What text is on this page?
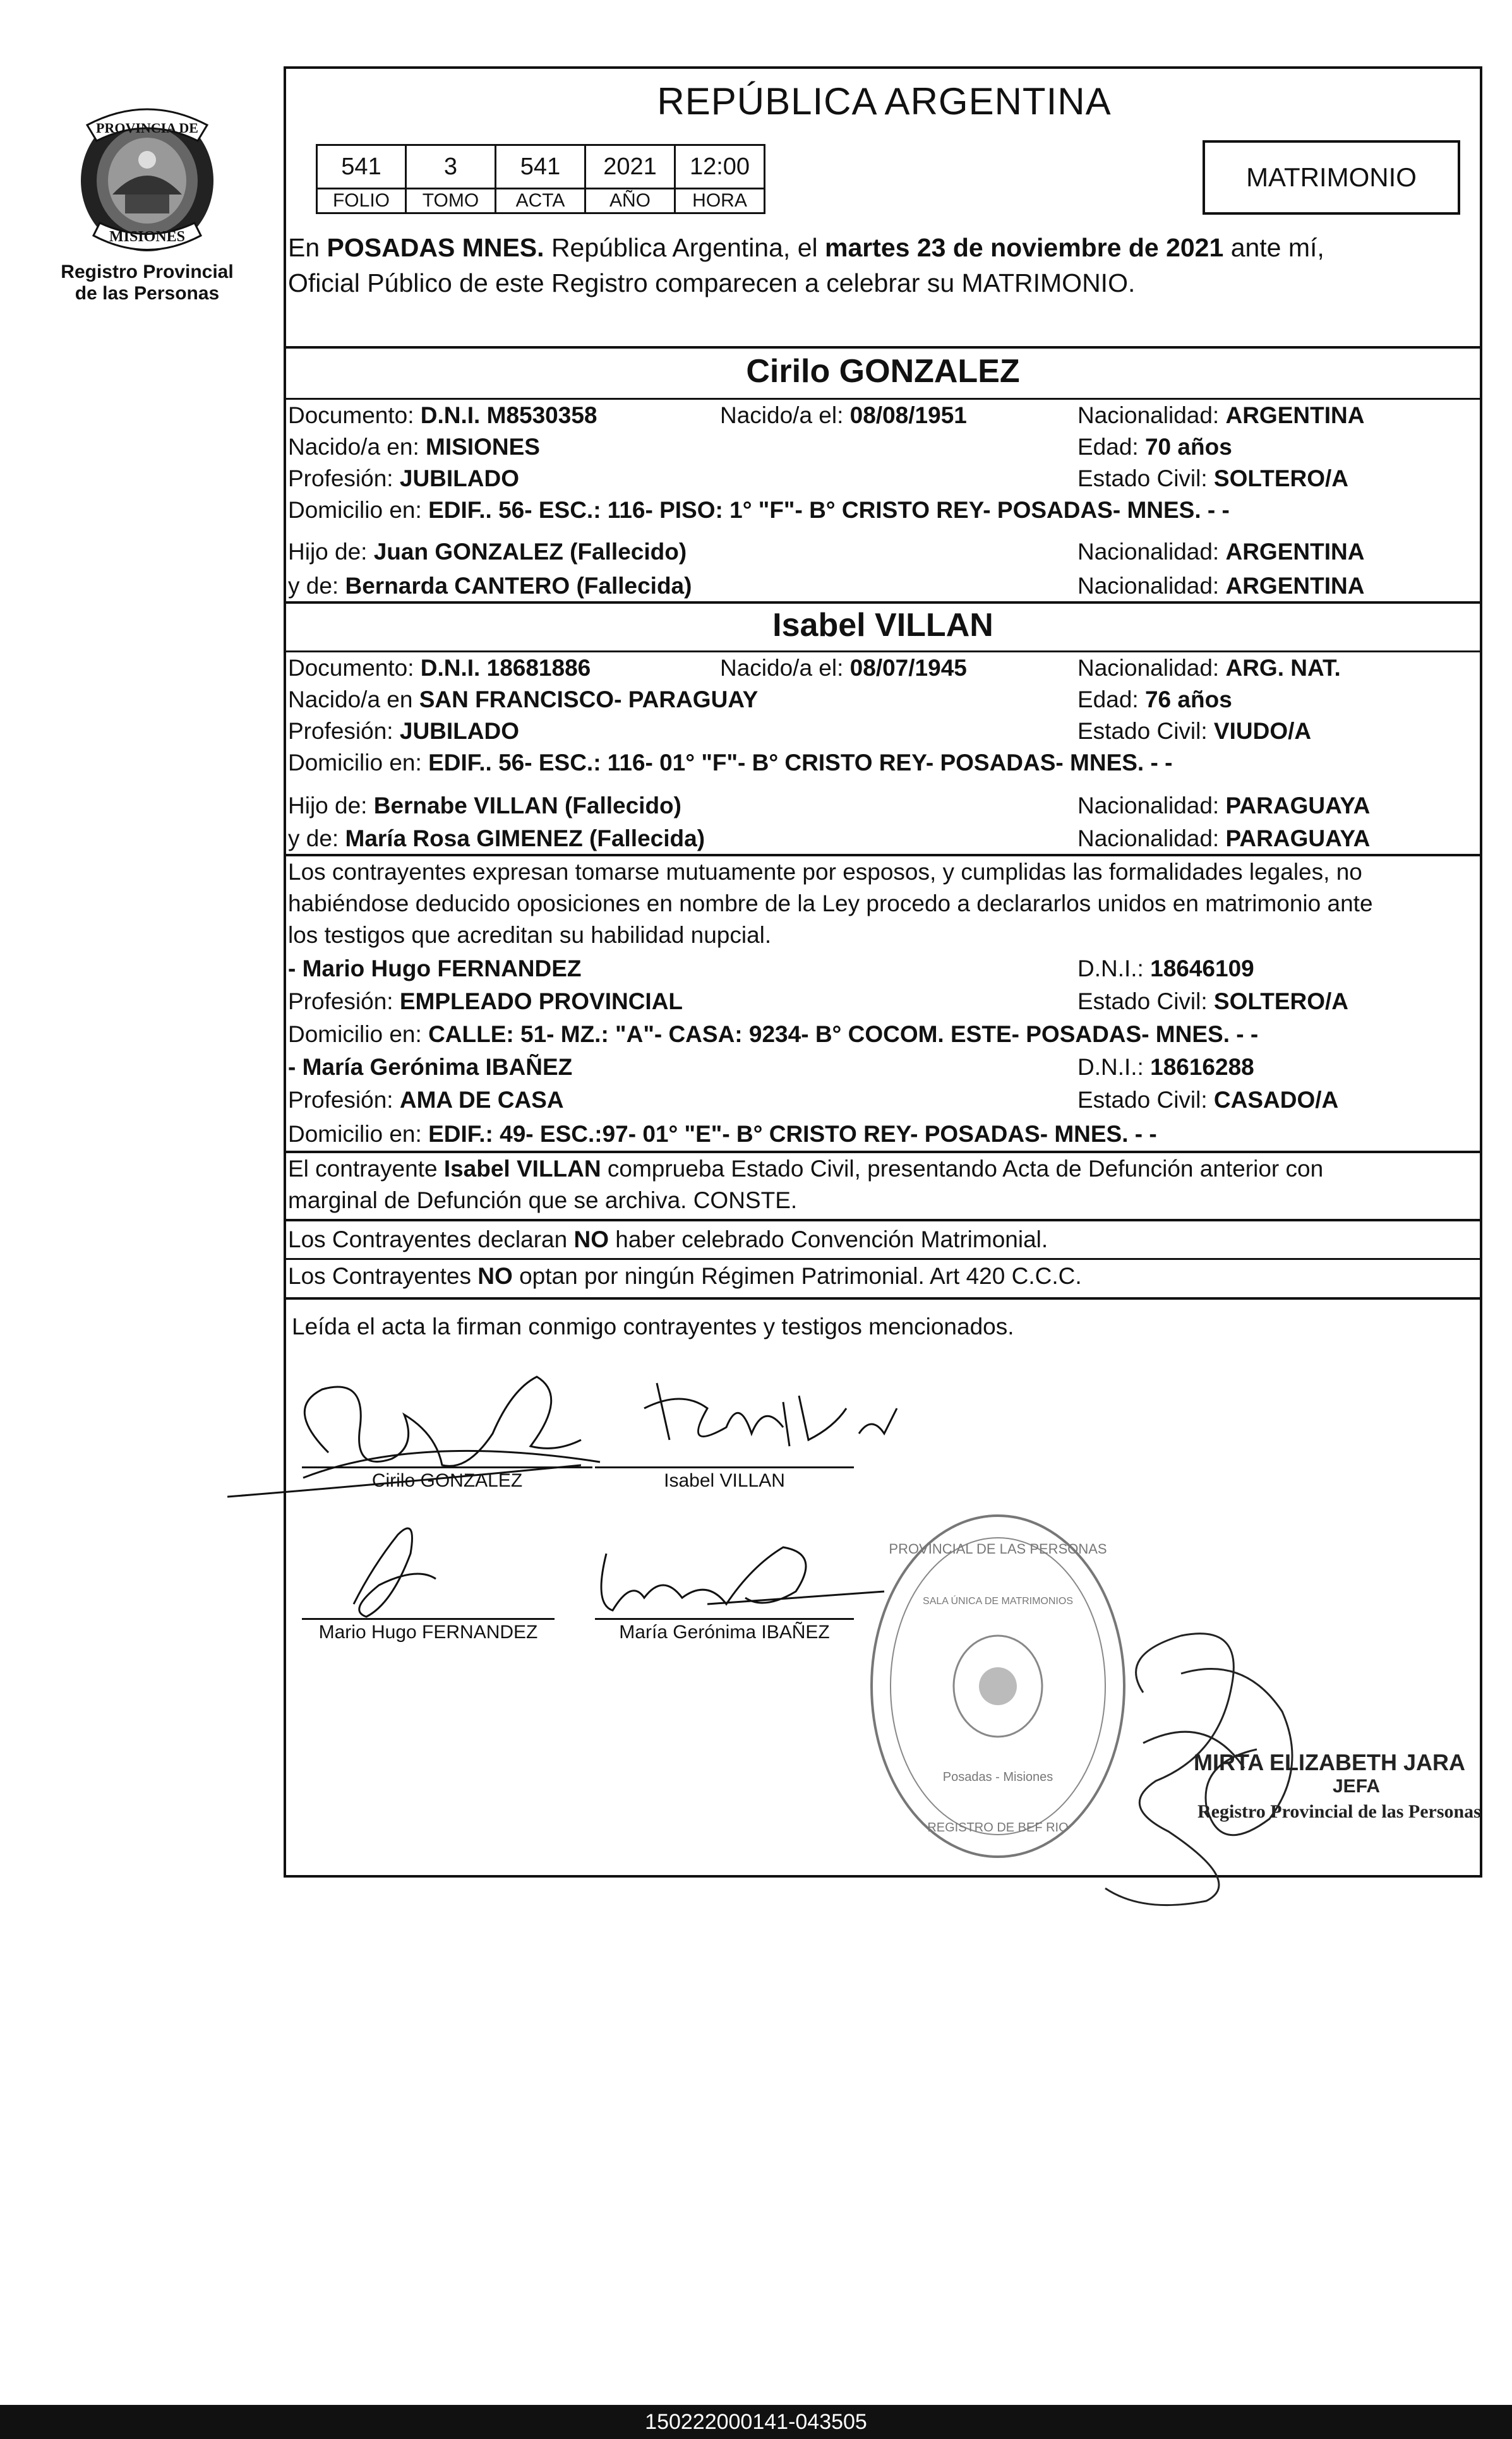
PROVINCIA DE
MISIONES
Registro Provincial
de las Personas
REPÚBLICA ARGENTINA
541	3	541	2021	12:00
FOLIO	TOMO	ACTA	AÑO	HORA
MATRIMONIO
En POSADAS MNES. República Argentina, el martes 23 de noviembre de 2021 ante mí,
Oficial Público de este Registro comparecen a celebrar su MATRIMONIO.
Cirilo GONZALEZ
Documento: D.N.I. M8530358	Nacido/a el: 08/08/1951	Nacionalidad: ARGENTINA
Nacido/a en: MISIONES	Edad: 70 años
Profesión: JUBILADO	Estado Civil: SOLTERO/A
Domicilio en: EDIF.. 56- ESC.: 116- PISO: 1° "F"- B° CRISTO REY- POSADAS- MNES. - -
Hijo de: Juan GONZALEZ (Fallecido)	Nacionalidad: ARGENTINA
y de: Bernarda CANTERO (Fallecida)	Nacionalidad: ARGENTINA
Isabel VILLAN
Documento: D.N.I. 18681886	Nacido/a el: 08/07/1945	Nacionalidad: ARG. NAT.
Nacido/a en SAN FRANCISCO- PARAGUAY	Edad: 76 años
Profesión: JUBILADO	Estado Civil: VIUDO/A
Domicilio en: EDIF.. 56- ESC.: 116- 01° "F"- B° CRISTO REY- POSADAS- MNES. - -
Hijo de: Bernabe VILLAN (Fallecido)	Nacionalidad: PARAGUAYA
y de: María Rosa GIMENEZ (Fallecida)	Nacionalidad: PARAGUAYA
Los contrayentes expresan tomarse mutuamente por esposos, y cumplidas las formalidades legales, no
habiéndose deducido oposiciones en nombre de la Ley procedo a declararlos unidos en matrimonio ante
los testigos que acreditan su habilidad nupcial.
- Mario Hugo FERNANDEZ	D.N.I.: 18646109
Profesión: EMPLEADO PROVINCIAL	Estado Civil: SOLTERO/A
Domicilio en: CALLE: 51- MZ.: "A"- CASA: 9234- B° COCOM. ESTE- POSADAS- MNES. - -
- María Gerónima IBAÑEZ	D.N.I.: 18616288
Profesión: AMA DE CASA	Estado Civil: CASADO/A
Domicilio en: EDIF.: 49- ESC.:97- 01° "E"- B° CRISTO REY- POSADAS- MNES. - -
El contrayente Isabel VILLAN comprueba Estado Civil, presentando Acta de Defunción anterior con
marginal de Defunción que se archiva. CONSTE.
Los Contrayentes declaran NO haber celebrado Convención Matrimonial.
Los Contrayentes NO optan por ningún Régimen Patrimonial. Art 420 C.C.C.
Leída el acta la firman conmigo contrayentes y testigos mencionados.
Cirilo GONZALEZ	Isabel VILLAN
Mario Hugo FERNANDEZ	María Gerónima IBAÑEZ
PROVINCIAL DE LAS PERSONAS
SALA ÚNICA DE MATRIMONIOS
Posadas - Misiones
REGISTRO DE BEF RIO
MIRTA ELIZABETH JARA
JEFA
Registro Provincial de las Personas
150222000141-043505
